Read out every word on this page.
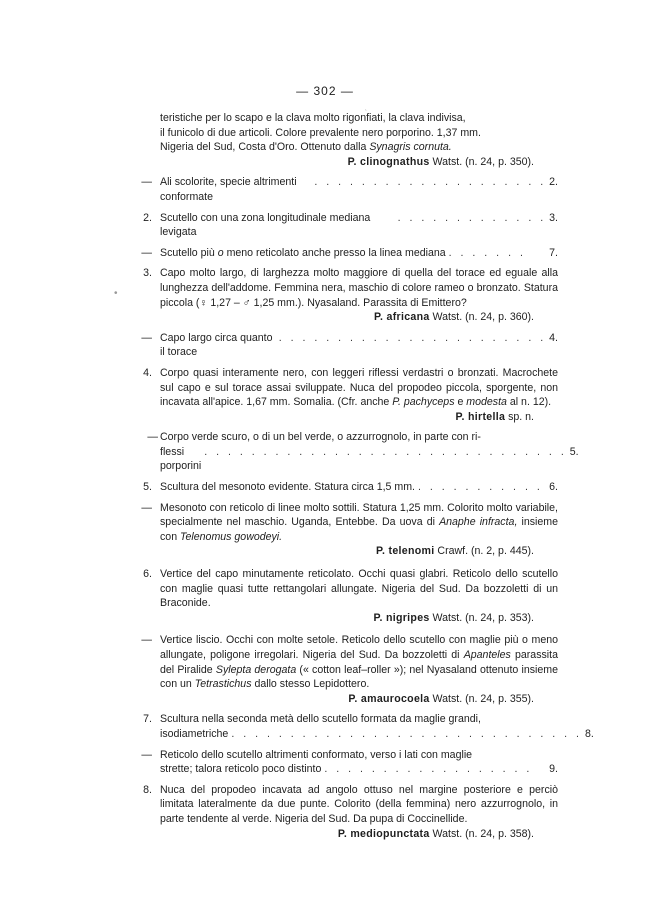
— 302 —
˛
•

teristiche per lo scapo e la clava molto rigonfiati, la clava indivisa,

il funicolo di due articoli. Colore prevalente nero porporino. 1,37 mm.

Nigeria del Sud, Costa d'Oro. Ottenuto dalla Synagris cornuta.

P. clinognathus Watst. (n. 24, p. 350).

— Ali scolorite, specie altrimenti conformate
. . . . . . . . . . . . . . . . . . . . 2.
2. Scutello con una zona longitudinale mediana levigata
. . . . . . . . . . . . . 3.
— Scutello più o meno reticolato anche presso la linea mediana . . . . . . .	7.
3. Capo molto largo, di larghezza molto maggiore di quella del torace ed eguale alla lunghezza dell'addome. Femmina nera, maschio di colore rameo o bronzato. Statura piccola (♀ 1,27 – ♂ 1,25 mm.). Nyasaland. Parassita di Emittero?

P. africana Watst. (n. 24, p. 360).

— Capo largo circa quanto il torace
. . . . . . . . . . . . . . . . . . . . . . . 4.
4. Corpo quasi interamente nero, con leggeri riflessi verdastri o bronzati. Macrochete sul capo e sul torace assai sviluppate. Nuca del propodeo piccola, sporgente, non incavata all'apice. 1,67 mm. Somalia. (Cfr. anche P. pachyceps e modesta al n. 12).

P. hirtella sp. n.

— Corpo verde scuro, o di un bel verde, o azzurrognolo, in parte con ri-

flessi porporini
. . . . . . . . . . . . . . . . . . . . . . . . . . . . . . . 5.
5. Scultura del mesonoto evidente. Statura circa 1,5 mm. . . . . . . . . . . . 6.
— Mesonoto con reticolo di linee molto sottili. Statura 1,25 mm. Colorito molto variabile, specialmente nel maschio. Uganda, Entebbe. Da uova di Anaphe infracta, insieme con Telenomus gowodeyi.

P. telenomi Crawf. (n. 2, p. 445).

6. Vertice del capo minutamente reticolato. Occhi quasi glabri. Reticolo dello scutello con maglie quasi tutte rettangolari allungate. Nigeria del Sud. Da bozzoletti di un Braconide.

P. nigripes Watst. (n. 24, p. 353).

— Vertice liscio. Occhi con molte setole. Reticolo dello scutello con maglie più o meno allungate, poligone irregolari. Nigeria del Sud. Da bozzoletti di Apanteles parassita del Piralide Sylepta derogata (« cotton leaf–roller »); nel Nyasaland ottenuto insieme con un Tetrastichus dallo stesso Lepidottero.

P. amaurocoela Watst. (n. 24, p. 355).

7. Scultura nella seconda metà dello scutello formata da maglie grandi,

isodiametriche . . . . . . . . . . . . . . . . . . . . . . . . . . . . . . 8.
— Reticolo dello scutello altrimenti conformato, verso i lati con maglie

strette; talora reticolo poco distinto . . . . . . . . . . . . . . . . . .	9.
8. Nuca del propodeo incavata ad angolo ottuso nel margine posteriore e perciò limitata lateralmente da due punte. Colorito (della femmina) nero azzurrognolo, in parte tendente al verde. Nigeria del Sud. Da pupa di Coccinellide.

P. mediopunctata Watst. (n. 24, p. 358).
